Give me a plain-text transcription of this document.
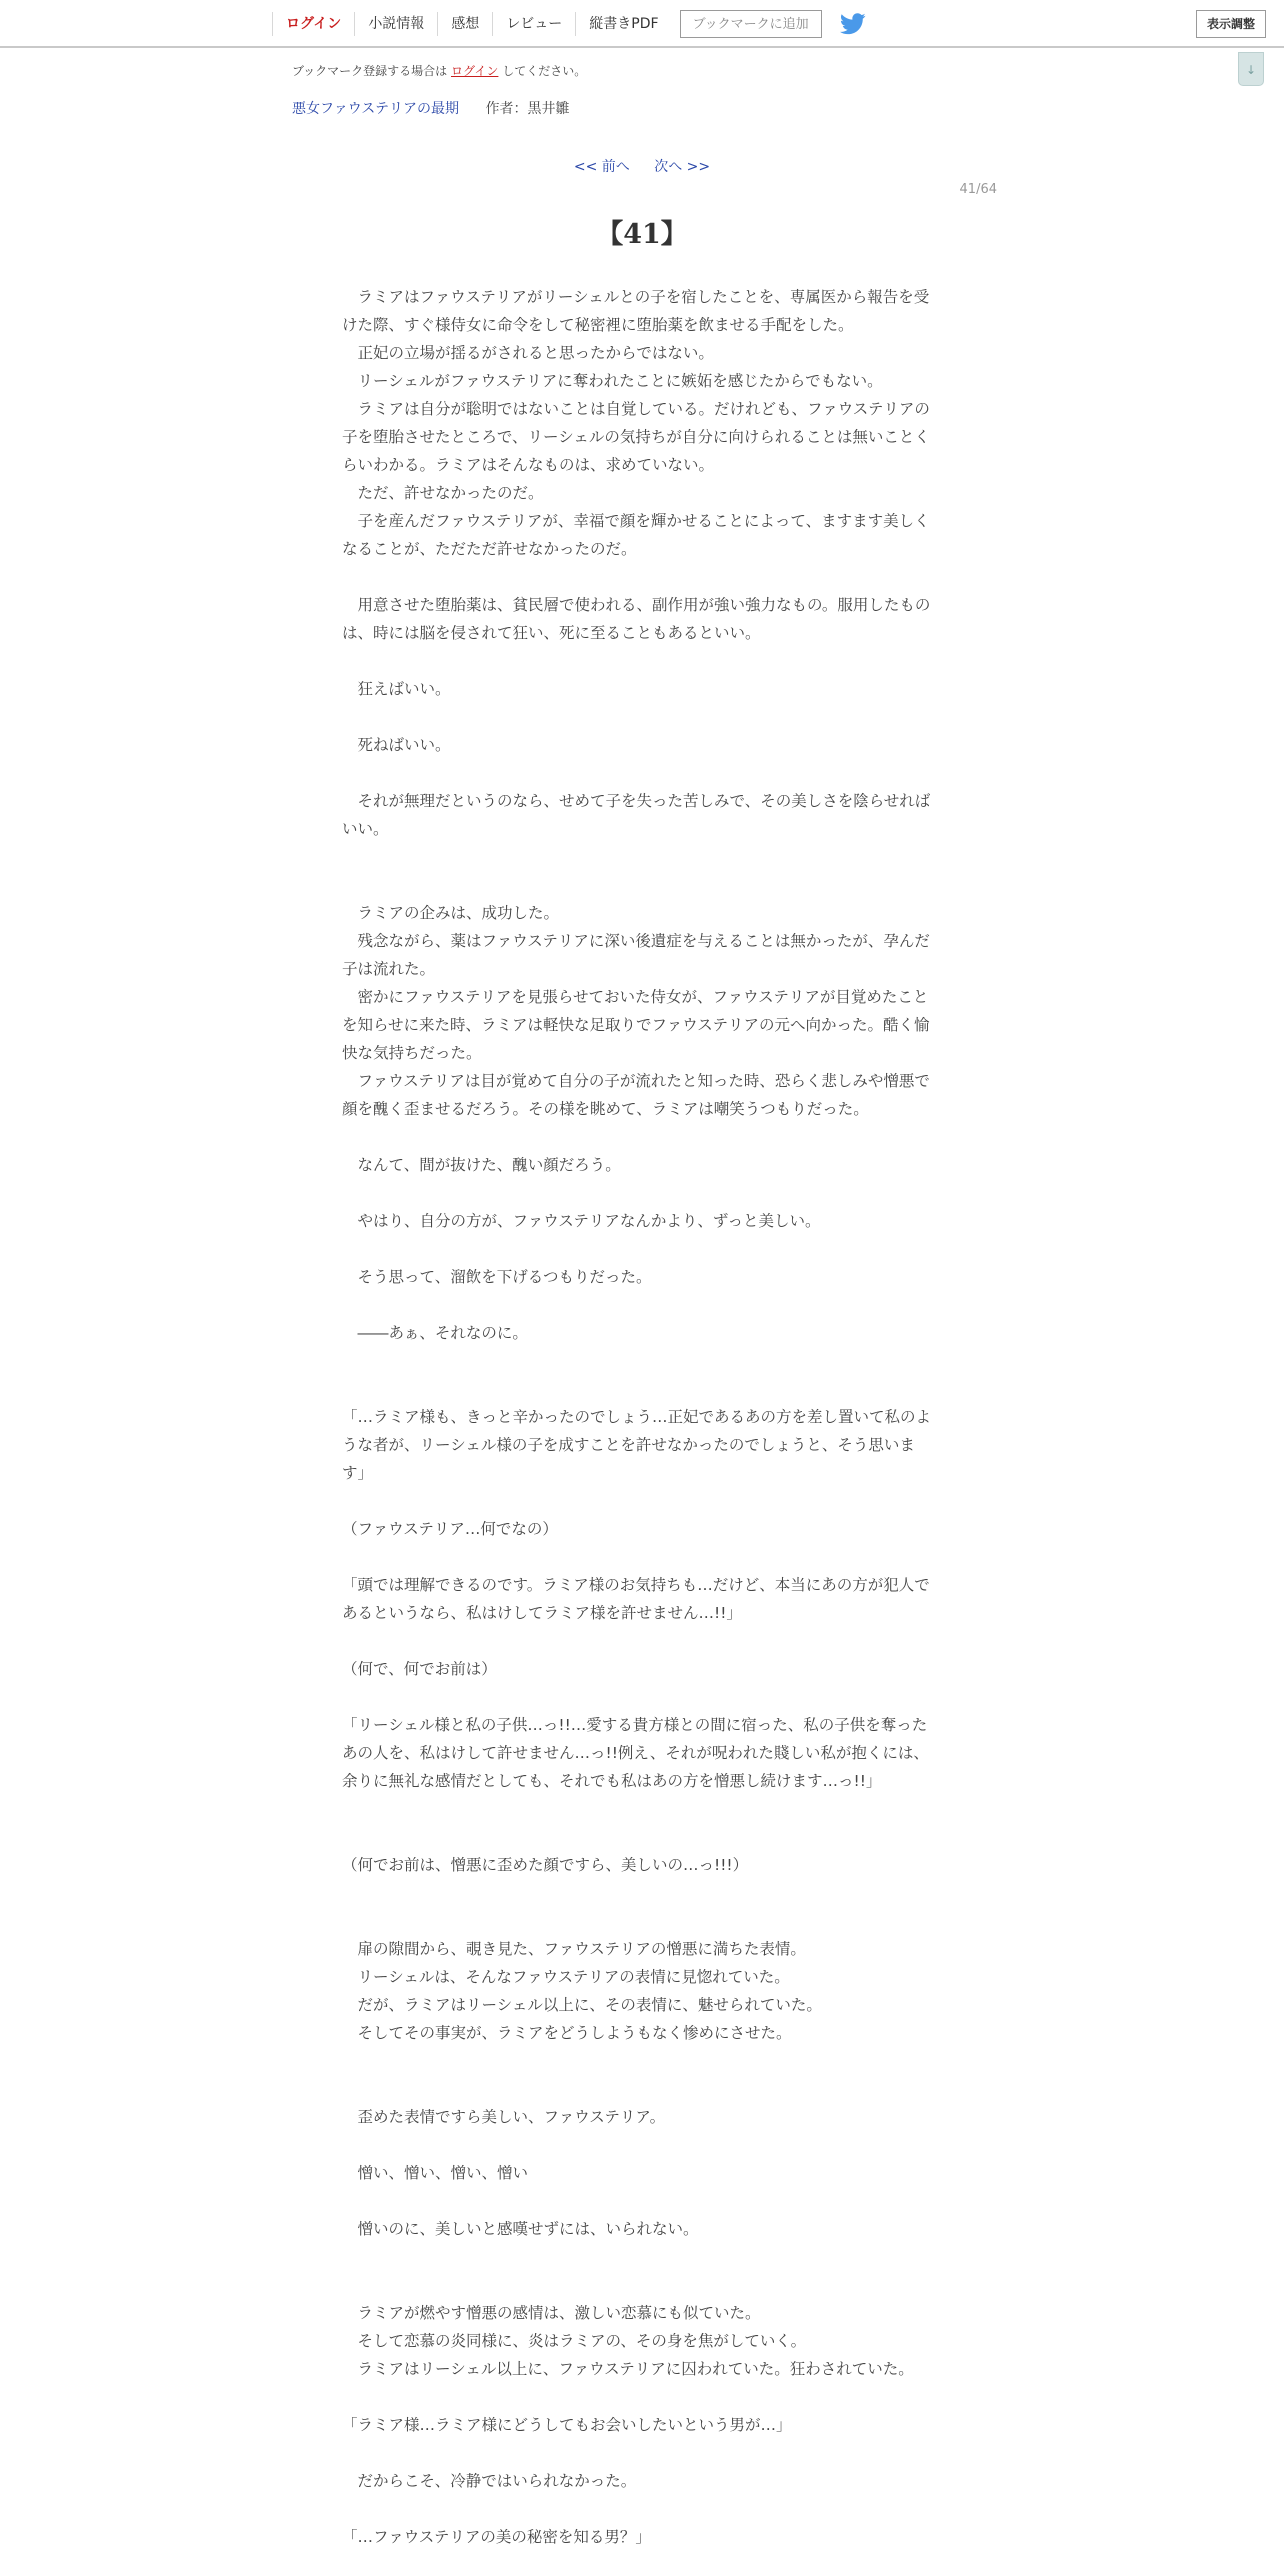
ログイン	小説情報	感想	レビュー	縦書きPDF	ブックマークに追加	表示調整
↓
ブックマーク登録する場合は ログイン してください。
悪女ファウステリアの最期 作者：黒井雛
<< 前へ 次へ >>
41/64
【41】

　ラミアはファウステリアがリーシェルとの子を宿したことを、専属医から報告を受けた際、すぐ様侍女に命令をして秘密裡に堕胎薬を飲ませる手配をした。

　正妃の立場が揺るがされると思ったからではない。

　リーシェルがファウステリアに奪われたことに嫉妬を感じたからでもない。

　ラミアは自分が聡明ではないことは自覚している。だけれども、ファウステリアの子を堕胎させたところで、リーシェルの気持ちが自分に向けられることは無いことくらいわかる。ラミアはそんなものは、求めていない。

　ただ、許せなかったのだ。

　子を産んだファウステリアが、幸福で顔を輝かせることによって、ますます美しくなることが、ただただ許せなかったのだ。

　用意させた堕胎薬は、貧民層で使われる、副作用が強い強力なもの。服用したものは、時には脳を侵されて狂い、死に至ることもあるといい。

　狂えばいい。

　死ねばいい。

　それが無理だというのなら、せめて子を失った苦しみで、その美しさを陰らせればいい。

　ラミアの企みは、成功した。

　残念ながら、薬はファウステリアに深い後遺症を与えることは無かったが、孕んだ子は流れた。

　密かにファウステリアを見張らせておいた侍女が、ファウステリアが目覚めたことを知らせに来た時、ラミアは軽快な足取りでファウステリアの元へ向かった。酷く愉快な気持ちだった。

　ファウステリアは目が覚めて自分の子が流れたと知った時、恐らく悲しみや憎悪で顔を醜く歪ませるだろう。その様を眺めて、ラミアは嘲笑うつもりだった。

　なんて、間が抜けた、醜い顔だろう。

　やはり、自分の方が、ファウステリアなんかより、ずっと美しい。

　そう思って、溜飲を下げるつもりだった。

　――あぁ、それなのに。

「…ラミア様も、きっと辛かったのでしょう…正妃であるあの方を差し置いて私のような者が、リーシェル様の子を成すことを許せなかったのでしょうと、そう思います」

（ファウステリア…何でなの）

「頭では理解できるのです。ラミア様のお気持ちも…だけど、本当にあの方が犯人であるというなら、私はけしてラミア様を許せません…!!」

（何で、何でお前は）

「リーシェル様と私の子供…っ!!…愛する貴方様との間に宿った、私の子供を奪ったあの人を、私はけして許せません…っ!!例え、それが呪われた賤しい私が抱くには、余りに無礼な感情だとしても、それでも私はあの方を憎悪し続けます…っ!!」

（何でお前は、憎悪に歪めた顔ですら、美しいの…っ!!!）

　扉の隙間から、覗き見た、ファウステリアの憎悪に満ちた表情。

　リーシェルは、そんなファウステリアの表情に見惚れていた。

　だが、ラミアはリーシェル以上に、その表情に、魅せられていた。

　そしてその事実が、ラミアをどうしようもなく惨めにさせた。

　歪めた表情ですら美しい、ファウステリア。

　憎い、憎い、憎い、憎い

　憎いのに、美しいと感嘆せずには、いられない。

　ラミアが燃やす憎悪の感情は、激しい恋慕にも似ていた。

　そして恋慕の炎同様に、炎はラミアの、その身を焦がしていく。

　ラミアはリーシェル以上に、ファウステリアに囚われていた。狂わされていた。

「ラミア様…ラミア様にどうしてもお会いしたいという男が…」

　だからこそ、冷静ではいられなかった。

「…ファウステリアの美の秘密を知る男？」
